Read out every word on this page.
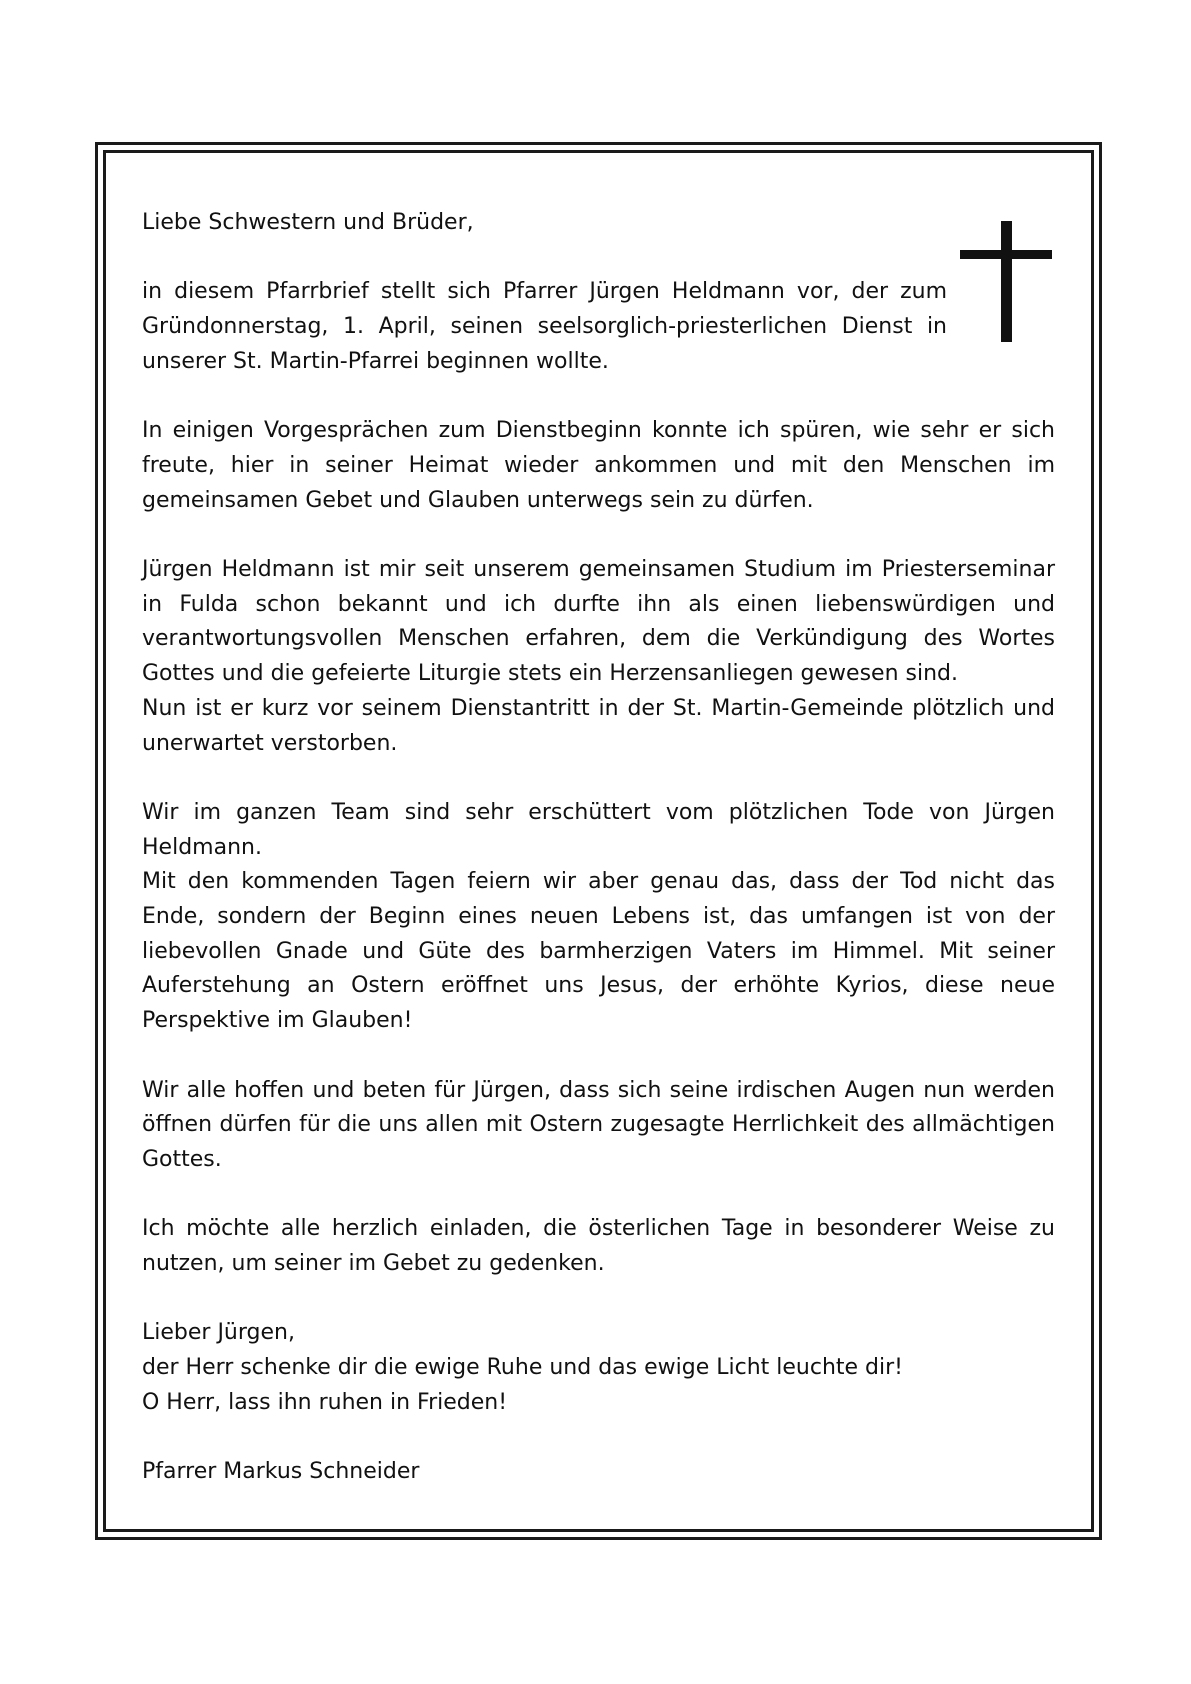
Liebe Schwestern und Brüder,

in diesem Pfarrbrief stellt sich Pfarrer Jürgen Heldmann vor, der zum Gründonnerstag, 1. April, seinen seelsorglich-priesterlichen Dienst in unserer St. Martin-Pfarrei beginnen wollte.

In einigen Vorgesprächen zum Dienstbeginn konnte ich spüren, wie sehr er sich freute, hier in seiner Heimat wieder ankommen und mit den Menschen im gemeinsamen Gebet und Glauben unterwegs sein zu dürfen.

Jürgen Heldmann ist mir seit unserem gemeinsamen Studium im Priesterseminar in Fulda schon bekannt und ich durfte ihn als einen liebenswürdigen und verantwortungsvollen Menschen erfahren, dem die Verkündigung des Wortes Gottes und die gefeierte Liturgie stets ein Herzensanliegen gewesen sind.

Nun ist er kurz vor seinem Dienstantritt in der St. Martin-Gemeinde plötzlich und unerwartet verstorben.

Wir im ganzen Team sind sehr erschüttert vom plötzlichen Tode von Jürgen Heldmann.

Mit den kommenden Tagen feiern wir aber genau das, dass der Tod nicht das Ende, sondern der Beginn eines neuen Lebens ist, das umfangen ist von der liebevollen Gnade und Güte des barmherzigen Vaters im Himmel. Mit seiner Auferstehung an Ostern eröffnet uns Jesus, der erhöhte Kyrios, diese neue Perspektive im Glauben!

Wir alle hoffen und beten für Jürgen, dass sich seine irdischen Augen nun werden öffnen dürfen für die uns allen mit Ostern zugesagte Herrlichkeit des allmächtigen Gottes.

Ich möchte alle herzlich einladen, die österlichen Tage in besonderer Weise zu nutzen, um seiner im Gebet zu gedenken.

Lieber Jürgen,
der Herr schenke dir die ewige Ruhe und das ewige Licht leuchte dir!
O Herr, lass ihn ruhen in Frieden!

Pfarrer Markus Schneider
